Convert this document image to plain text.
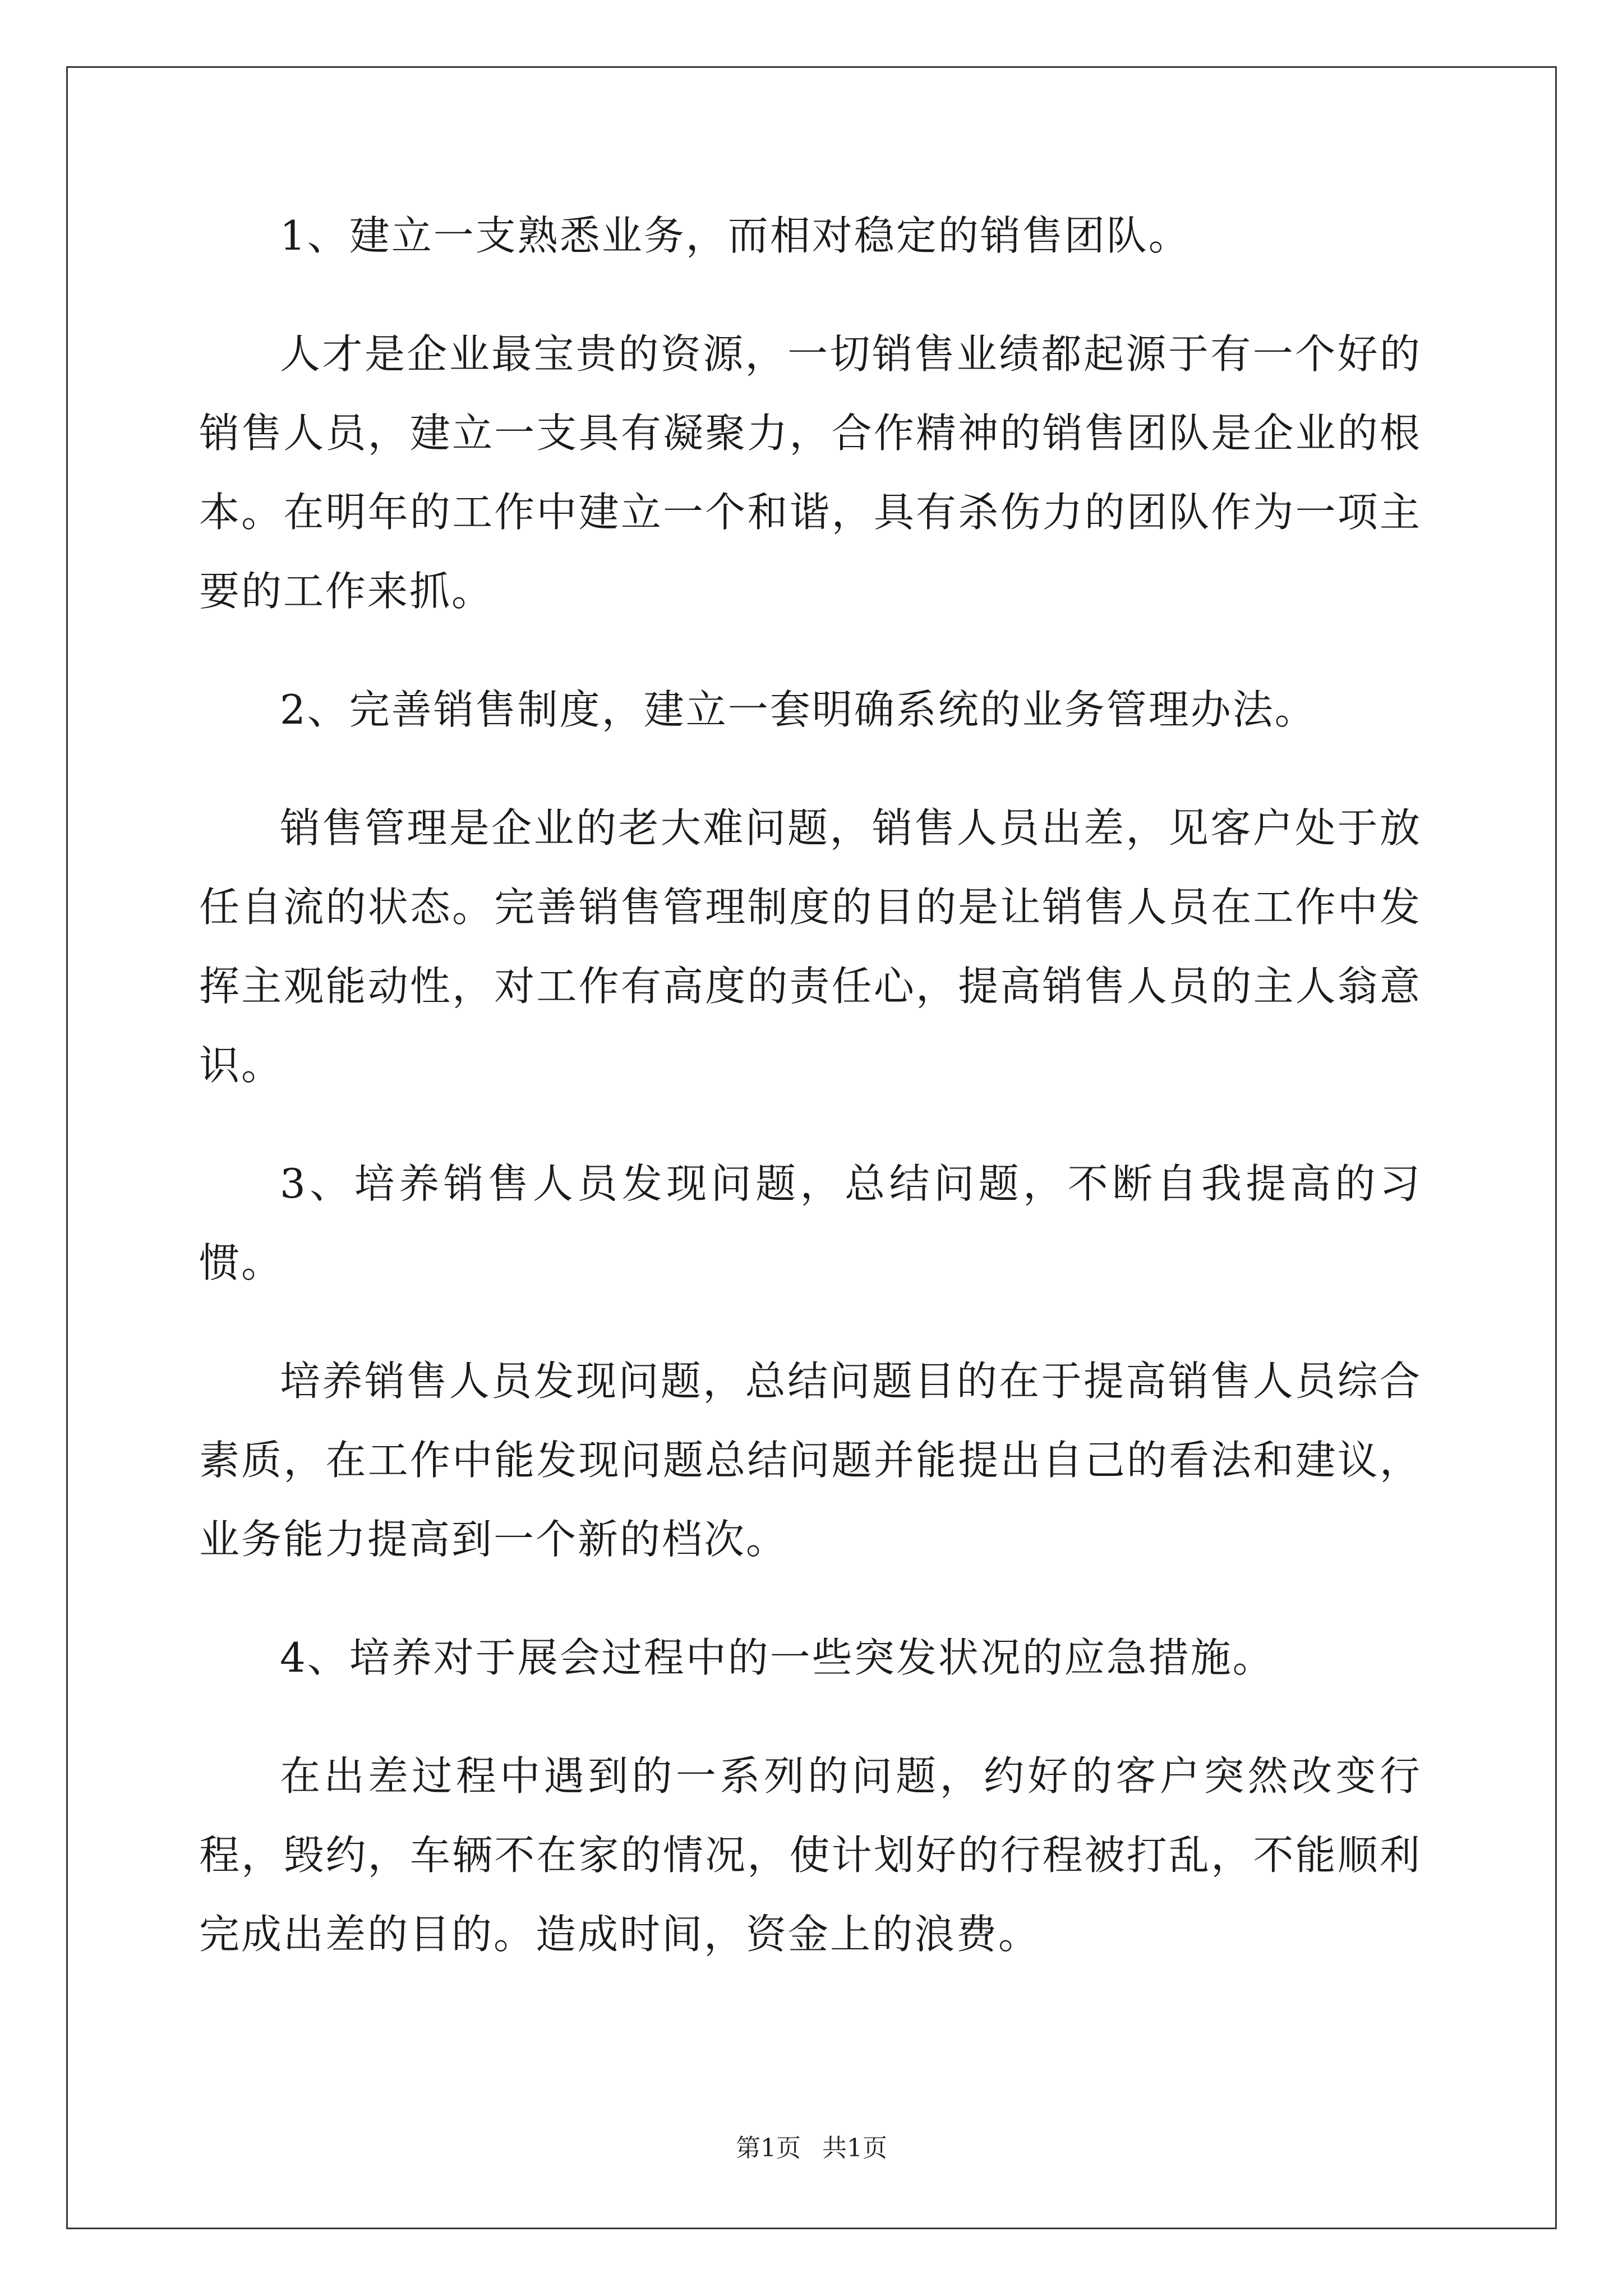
1、建立一支熟悉业务，而相对稳定的销售团队。

人才是企业最宝贵的资源，一切销售业绩都起源于有一个好的销售人员，建立一支具有凝聚力，合作精神的销售团队是企业的根本。在明年的工作中建立一个和谐，具有杀伤力的团队作为一项主要的工作来抓。

2、完善销售制度，建立一套明确系统的业务管理办法。

销售管理是企业的老大难问题，销售人员出差，见客户处于放任自流的状态。完善销售管理制度的目的是让销售人员在工作中发挥主观能动性，对工作有高度的责任心，提高销售人员的主人翁意识。

3、培养销售人员发现问题，总结问题，不断自我提高的习惯。

培养销售人员发现问题，总结问题目的在于提高销售人员综合素质，在工作中能发现问题总结问题并能提出自己的看法和建议，业务能力提高到一个新的档次。

4、培养对于展会过程中的一些突发状况的应急措施。

在出差过程中遇到的一系列的问题，约好的客户突然改变行程，毁约，车辆不在家的情况，使计划好的行程被打乱，不能顺利完成出差的目的。造成时间，资金上的浪费。

第1页 共1页
